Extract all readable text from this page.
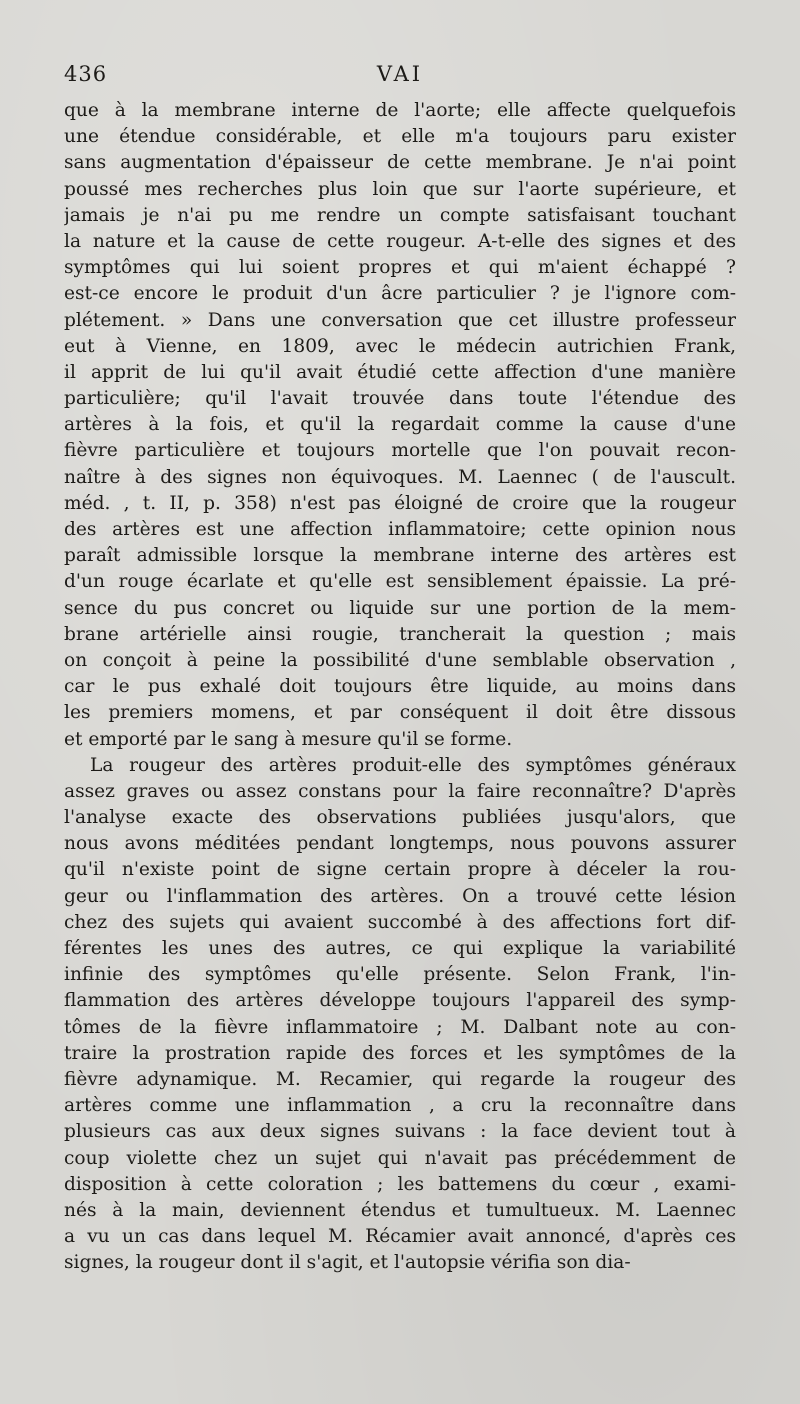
436	VAI
que à la membrane interne de l'aorte; elle affecte quelquefois
une étendue considérable, et elle m'a toujours paru exister
sans augmentation d'épaisseur de cette membrane. Je n'ai point
poussé mes recherches plus loin que sur l'aorte supérieure, et
jamais je n'ai pu me rendre un compte satisfaisant touchant
la nature et la cause de cette rougeur. A-t-elle des signes et des
symptômes qui lui soient propres et qui m'aient échappé ?
est-ce encore le produit d'un âcre particulier ? je l'ignore com-
plétement. » Dans une conversation que cet illustre professeur
eut à Vienne, en 1809, avec le médecin autrichien Frank,
il apprit de lui qu'il avait étudié cette affection d'une manière
particulière; qu'il l'avait trouvée dans toute l'étendue des
artères à la fois, et qu'il la regardait comme la cause d'une
fièvre particulière et toujours mortelle que l'on pouvait recon-
naître à des signes non équivoques. M. Laennec ( de l'auscult.
méd. , t. II, p. 358) n'est pas éloigné de croire que la rougeur
des artères est une affection inflammatoire; cette opinion nous
paraît admissible lorsque la membrane interne des artères est
d'un rouge écarlate et qu'elle est sensiblement épaissie. La pré-
sence du pus concret ou liquide sur une portion de la mem-
brane artérielle ainsi rougie, trancherait la question ; mais
on conçoit à peine la possibilité d'une semblable observation ,
car le pus exhalé doit toujours être liquide, au moins dans
les premiers momens, et par conséquent il doit être dissous
et emporté par le sang à mesure qu'il se forme.
La rougeur des artères produit-elle des symptômes généraux
assez graves ou assez constans pour la faire reconnaître? D'après
l'analyse exacte des observations publiées jusqu'alors, que
nous avons méditées pendant longtemps, nous pouvons assurer
qu'il n'existe point de signe certain propre à déceler la rou-
geur ou l'inflammation des artères. On a trouvé cette lésion
chez des sujets qui avaient succombé à des affections fort dif-
férentes les unes des autres, ce qui explique la variabilité
infinie des symptômes qu'elle présente. Selon Frank, l'in-
flammation des artères développe toujours l'appareil des symp-
tômes de la fièvre inflammatoire ; M. Dalbant note au con-
traire la prostration rapide des forces et les symptômes de la
fièvre adynamique. M. Recamier, qui regarde la rougeur des
artères comme une inflammation , a cru la reconnaître dans
plusieurs cas aux deux signes suivans : la face devient tout à
coup violette chez un sujet qui n'avait pas précédemment de
disposition à cette coloration ; les battemens du cœur , exami-
nés à la main, deviennent étendus et tumultueux. M. Laennec
a vu un cas dans lequel M. Récamier avait annoncé, d'après ces
signes, la rougeur dont il s'agit, et l'autopsie vérifia son dia-
